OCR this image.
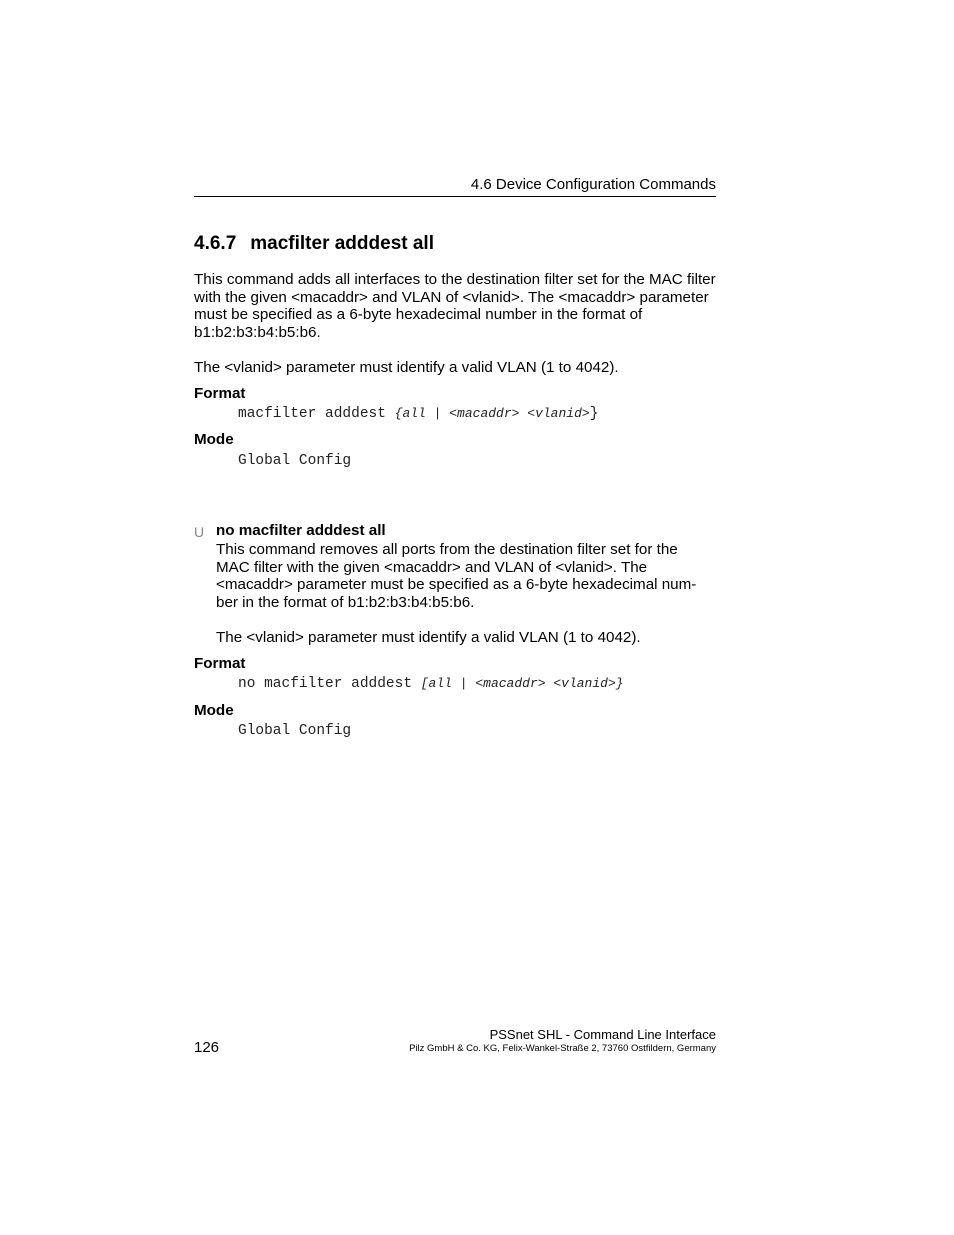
4.6 Device Configuration Commands
4.6.7 macfilter adddest all
This command adds all interfaces to the destination filter set for the MAC filter
with the given <macaddr> and VLAN of <vlanid>. The <macaddr> parameter
must be specified as a 6-byte hexadecimal number in the format of
b1:b2:b3:b4:b5:b6.
The <vlanid> parameter must identify a valid VLAN (1 to 4042).
Format
macfilter adddest {all | <macaddr> <vlanid>}
Mode
Global Config
U no macfilter adddest all
This command removes all ports from the destination filter set for the
MAC filter with the given <macaddr> and VLAN of <vlanid>. The
<macaddr> parameter must be specified as a 6-byte hexadecimal num-
ber in the format of b1:b2:b3:b4:b5:b6.
The <vlanid> parameter must identify a valid VLAN (1 to 4042).
Format
no macfilter adddest [all | <macaddr> <vlanid>}
Mode
Global Config
126
PSSnet SHL - Command Line Interface
Pilz GmbH & Co. KG, Felix-Wankel-Straße 2, 73760 Ostfildern, Germany
